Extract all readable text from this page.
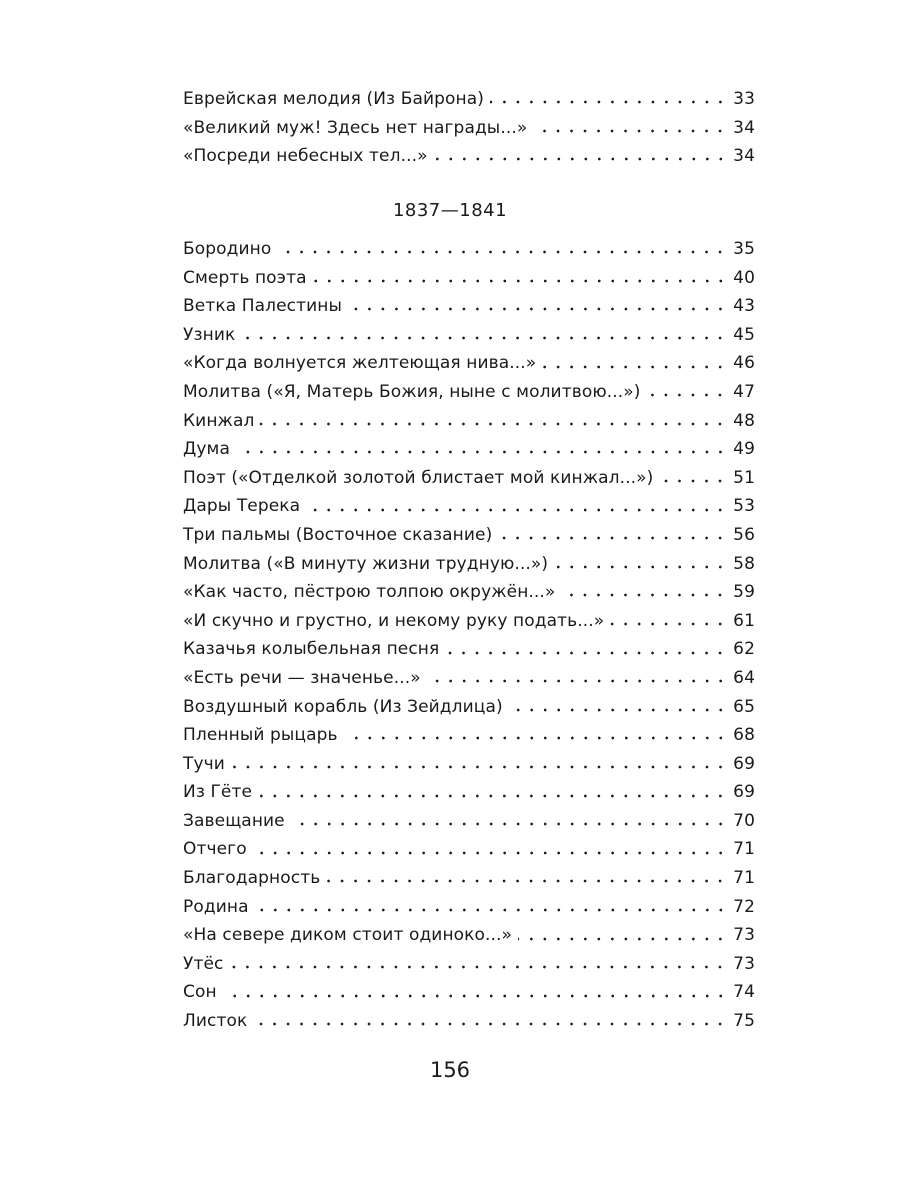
Еврейская мелодия (Из Байрона)	33
«Великий муж! Здесь нет награды...»	34
«Посреди небесных тел...»	34
1837—1841
Бородино	35
Смерть поэта	40
Ветка Палестины	43
Узник	45
«Когда волнуется желтеющая нива...»	46
Молитва («Я, Матерь Божия, ныне с молитвою...»)	47
Кинжал	48
Дума	49
Поэт («Отделкой золотой блистает мой кинжал...»)	51
Дары Терека	53
Три пальмы (Восточное сказание)	56
Молитва («В минуту жизни трудную...»)	58
«Как часто, пёстрою толпою окружён...»	59
«И скучно и грустно, и некому руку подать...»	61
Казачья колыбельная песня	62
«Есть речи — значенье...»	64
Воздушный корабль (Из Зейдлица)	65
Пленный рыцарь	68
Тучи	69
Из Гёте	69
Завещание	70
Отчего	71
Благодарность	71
Родина	72
«На севере диком стоит одиноко...»	73
Утёс	73
Сон	74
Листок	75
156
